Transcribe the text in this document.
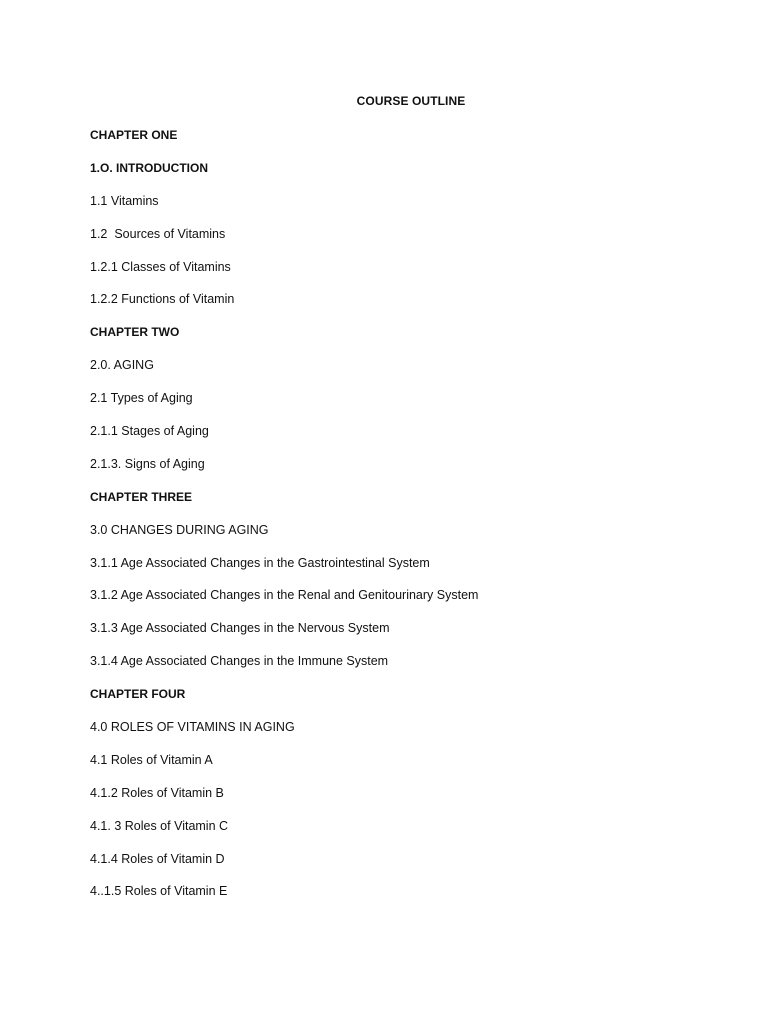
COURSE OUTLINE
CHAPTER ONE
1.O. INTRODUCTION
1.1 Vitamins
1.2  Sources of Vitamins
1.2.1 Classes of Vitamins
1.2.2 Functions of Vitamin
CHAPTER TWO
2.0. AGING
2.1 Types of Aging
2.1.1 Stages of Aging
2.1.3. Signs of Aging
CHAPTER THREE
3.0 CHANGES DURING AGING
3.1.1 Age Associated Changes in the Gastrointestinal System
3.1.2 Age Associated Changes in the Renal and Genitourinary System
3.1.3 Age Associated Changes in the Nervous System
3.1.4 Age Associated Changes in the Immune System
CHAPTER FOUR
4.0 ROLES OF VITAMINS IN AGING
4.1 Roles of Vitamin A
4.1.2 Roles of Vitamin B
4.1. 3 Roles of Vitamin C
4.1.4 Roles of Vitamin D
4..1.5 Roles of Vitamin E
